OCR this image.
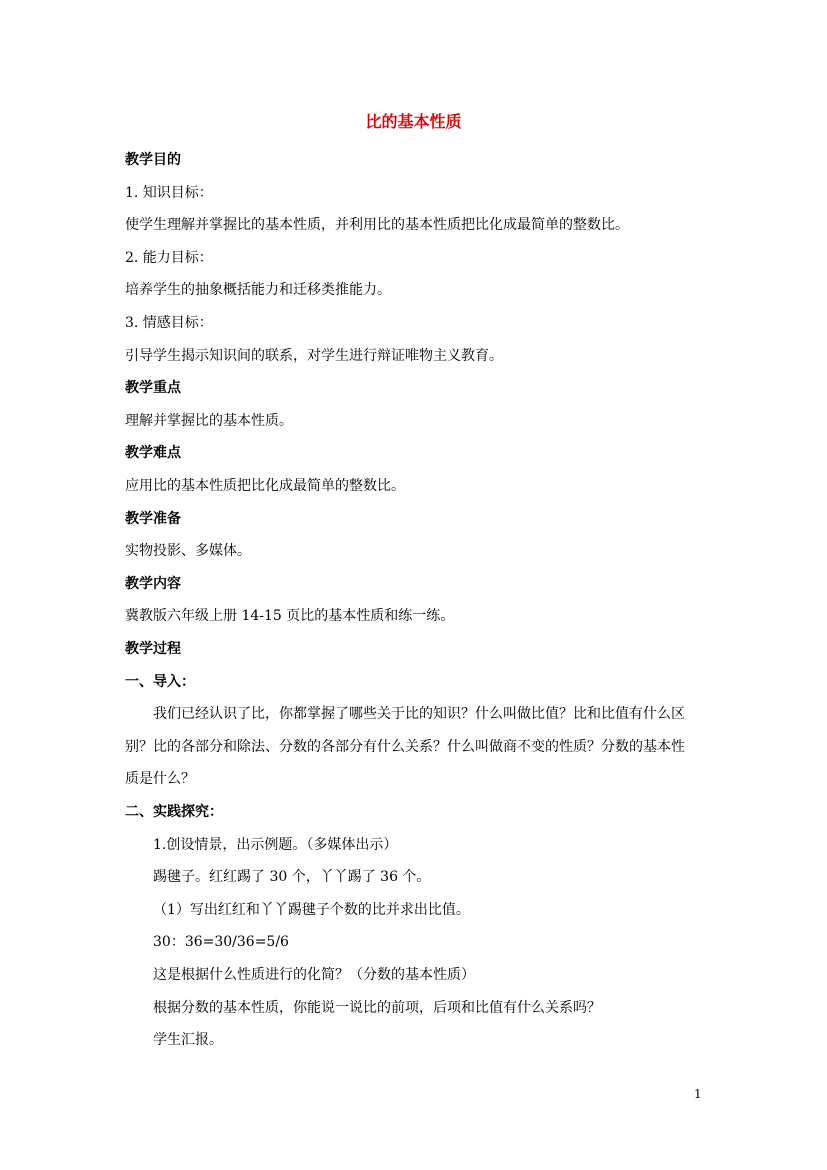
比的基本性质
教学目的
1. 知识目标：
使学生理解并掌握比的基本性质，并利用比的基本性质把比化成最简单的整数比。
2. 能力目标：
培养学生的抽象概括能力和迁移类推能力。
3. 情感目标：
引导学生揭示知识间的联系，对学生进行辩证唯物主义教育。
教学重点
理解并掌握比的基本性质。
教学难点
应用比的基本性质把比化成最简单的整数比。
教学准备
实物投影、多媒体。
教学内容
冀教版六年级上册 14-15 页比的基本性质和练一练。
教学过程
一、导入：
我们已经认识了比，你都掌握了哪些关于比的知识？什么叫做比值？比和比值有什么区
别？比的各部分和除法、分数的各部分有什么关系？什么叫做商不变的性质？分数的基本性
质是什么？
二、实践探究：
1.创设情景，出示例题。（多媒体出示）
踢毽子。红红踢了 30 个，丫丫踢了 36 个。
（1）写出红红和丫丫踢毽子个数的比并求出比值。
30：36=30/36=5/6
这是根据什么性质进行的化简？（分数的基本性质）
根据分数的基本性质，你能说一说比的前项，后项和比值有什么关系吗？
学生汇报。
1
